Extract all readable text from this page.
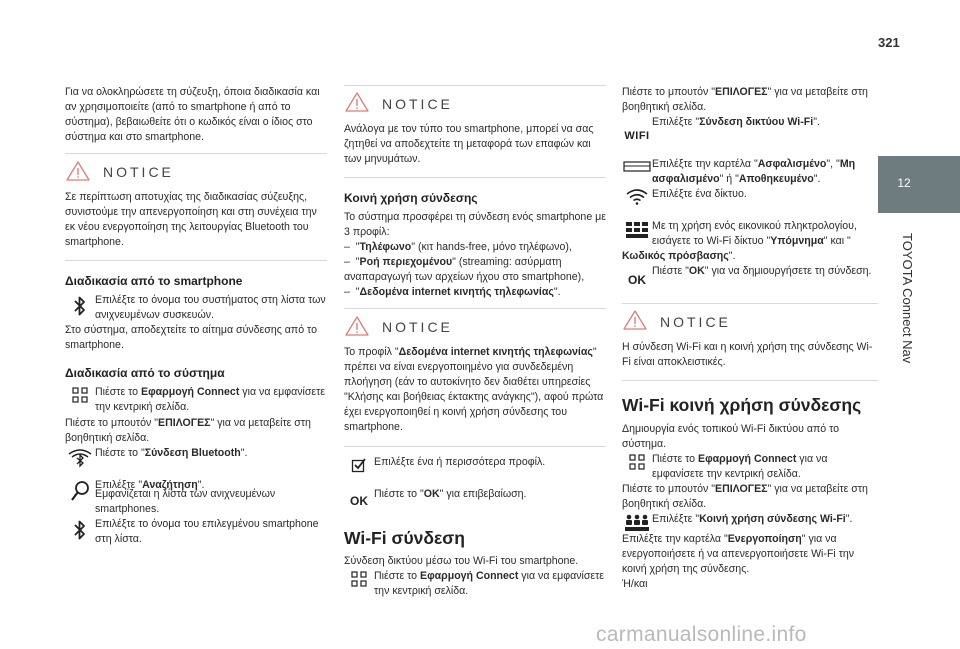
321
12
TOYOTA Connect Nav

Για να ολοκληρώσετε τη σύζευξη, όποια διαδικασία και αν χρησιμοποιείτε (από το smartphone ή από το σύστημα), βεβαιωθείτε ότι ο κωδικός είναι ο ίδιος στο σύστημα και στο smartphone.

NOTICE

Σε περίπτωση αποτυχίας της διαδικασίας σύζευξης, συνιστούμε την απενεργοποίηση και στη συνέχεια την εκ νέου ενεργοποίηση της λειτουργίας Bluetooth του smartphone.

Διαδικασία από το smartphone

Επιλέξτε το όνομα του συστήματος στη λίστα των ανιχνευμένων συσκευών.

Στο σύστημα, αποδεχτείτε το αίτημα σύνδεσης από το smartphone.

Διαδικασία από το σύστημα

Πιέστε το Εφαρμογή Connect για να εμφανίσετε την κεντρική σελίδα.

Πιέστε το μπουτόν "ΕΠΙΛΟΓΕΣ" για να μεταβείτε στη βοηθητική σελίδα.

Πιέστε το "Σύνδεση Bluetooth".

Επιλέξτε "Αναζήτηση".

Εμφανίζεται η λίστα των ανιχνευμένων smartphones.

Επιλέξτε το όνομα του επιλεγμένου smartphone στη λίστα.

NOTICE

Ανάλογα με τον τύπο του smartphone, μπορεί να σας ζητηθεί να αποδεχτείτε τη μεταφορά των επαφών και των μηνυμάτων.

Κοινή χρήση σύνδεσης

Το σύστημα προσφέρει τη σύνδεση ενός smartphone με 3 προφίλ:

–  "Τηλέφωνο" (κιτ hands-free, μόνο τηλέφωνο),

–  "Ροή περιεχομένου" (streaming: ασύρματη αναπαραγωγή των αρχείων ήχου στο smartphone),

–  "Δεδομένα internet κινητής τηλεφωνίας".

NOTICE

Το προφίλ "Δεδομένα internet κινητής τηλεφωνίας" πρέπει να είναι ενεργοποιημένο για συνδεδεμένη πλοήγηση (εάν το αυτοκίνητο δεν διαθέτει υπηρεσίες "Κλήσης και βοήθειας έκτακτης ανάγκης"), αφού πρώτα έχει ενεργοποιηθεί η κοινή χρήση σύνδεσης του smartphone.

Επιλέξτε ένα ή περισσότερα προφίλ.

OK Πιέστε το "OK" για επιβεβαίωση.

Wi-Fi σύνδεση

Σύνδεση δικτύου μέσω του Wi-Fi του smartphone.

Πιέστε το Εφαρμογή Connect για να εμφανίσετε την κεντρική σελίδα.

Πιέστε το μπουτόν "ΕΠΙΛΟΓΕΣ" για να μεταβείτε στη βοηθητική σελίδα.

WIFI

Επιλέξτε "Σύνδεση δικτύου Wi-Fi".

Επιλέξτε την καρτέλα "Ασφαλισμένο", "Μη ασφαλισμένο" ή "Αποθηκευμένο".

Επιλέξτε ένα δίκτυο.

Με τη χρήση ενός εικονικού πληκτρολογίου, εισάγετε το Wi-Fi δίκτυο "Υπόμνημα" και "

Κωδικός πρόσβασης".

OK

Πιέστε "OK" για να δημιουργήσετε τη σύνδεση.

NOTICE

Η σύνδεση Wi-Fi και η κοινή χρήση της σύνδεσης Wi-Fi είναι αποκλειστικές.

Wi-Fi κοινή χρήση σύνδεσης

Δημιουργία ενός τοπικού Wi-Fi δικτύου από το σύστημα.

Πιέστε το Εφαρμογή Connect για να εμφανίσετε την κεντρική σελίδα.

Πιέστε το μπουτόν "ΕΠΙΛΟΓΕΣ" για να μεταβείτε στη βοηθητική σελίδα.

Επιλέξτε "Κοινή χρήση σύνδεσης Wi-Fi".

Επιλέξτε την καρτέλα "Ενεργοποίηση" για να ενεργοποιήσετε ή να απενεργοποιήσετε Wi-Fi την κοινή χρήση της σύνδεσης.

Ή/και

carmanualsonline.info
